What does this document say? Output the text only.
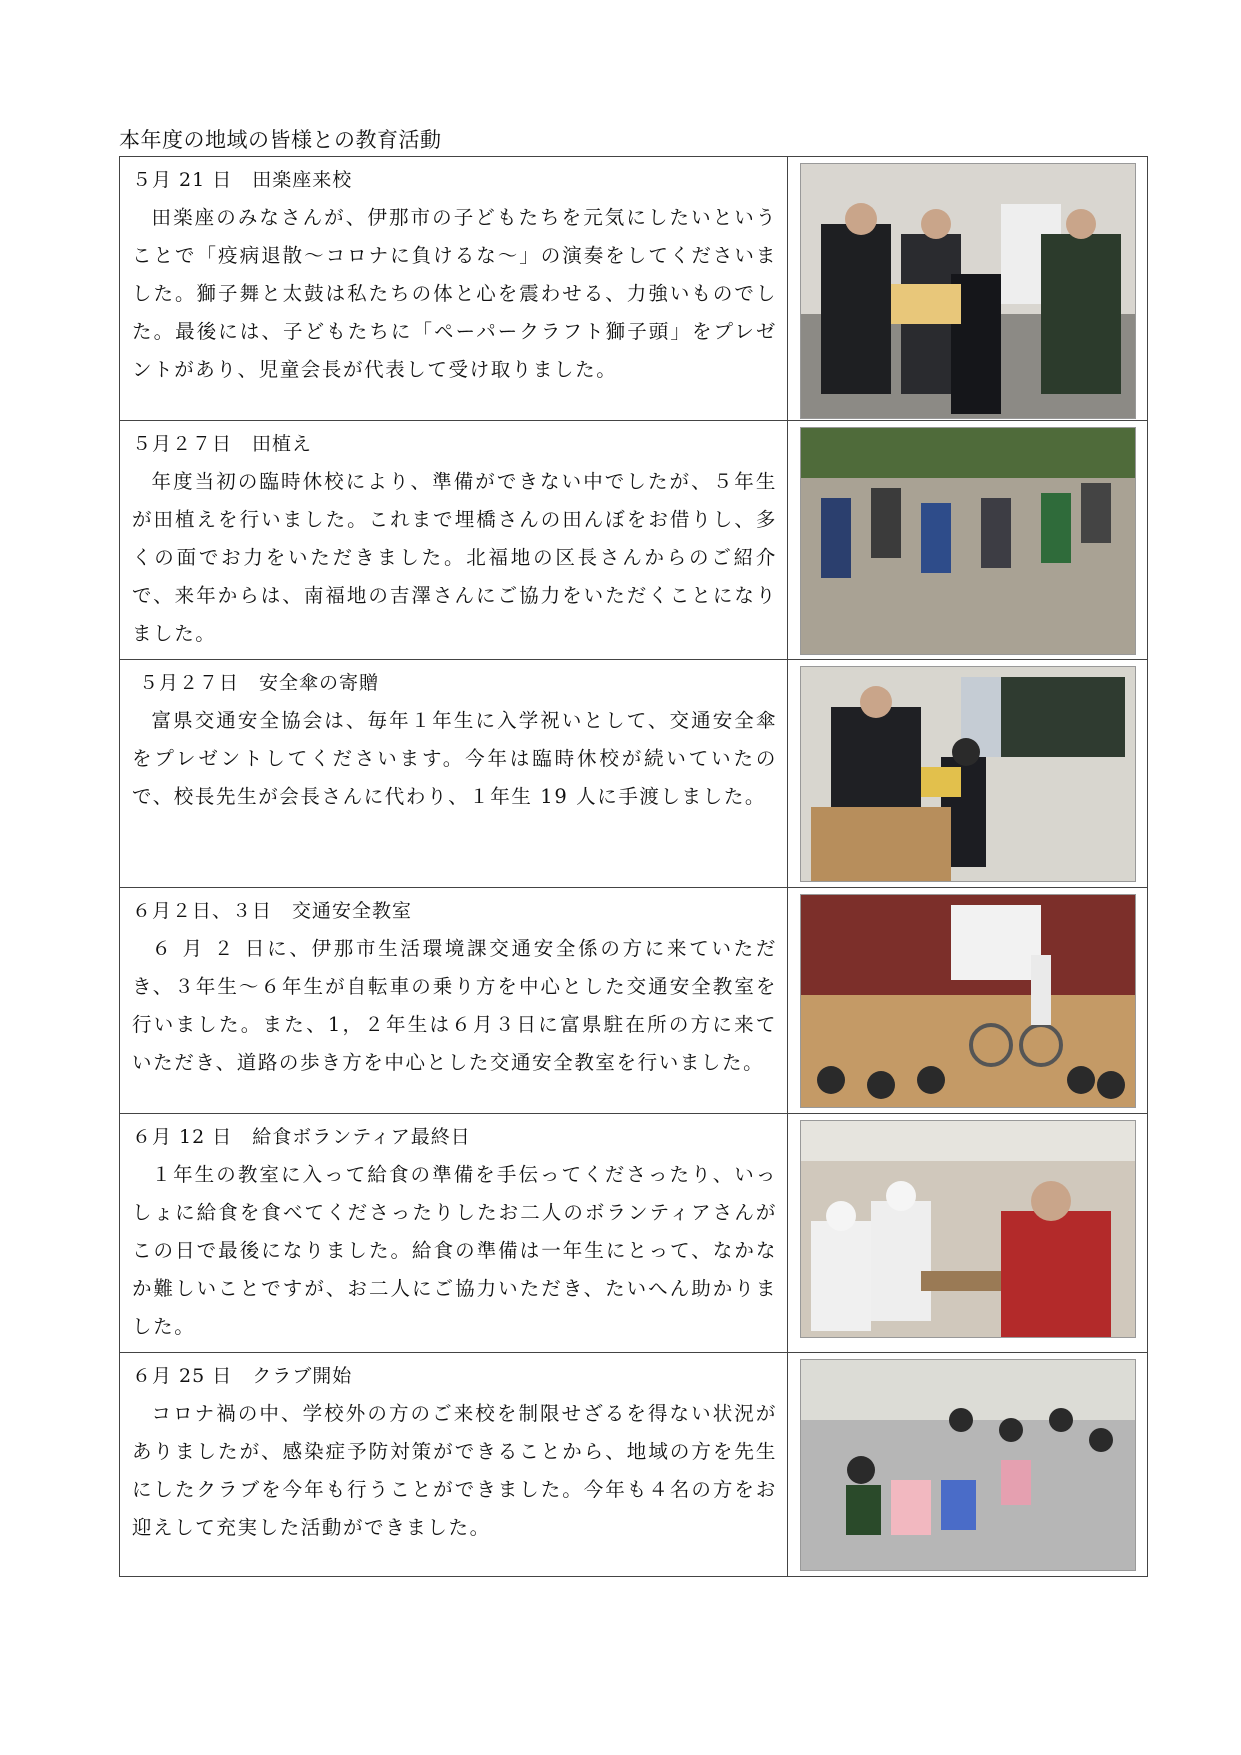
本年度の地域の皆様との教育活動
５月 21 日　田楽座来校
田楽座のみなさんが、伊那市の子どもたちを元気にしたいということで「疫病退散～コロナに負けるな～」の演奏をしてくださいました。獅子舞と太鼓は私たちの体と心を震わせる、力強いものでした。最後には、子どもたちに「ペーパークラフト獅子頭」をプレゼントがあり、児童会長が代表して受け取りました。

５月２７日　田植え
年度当初の臨時休校により、準備ができない中でしたが、５年生が田植えを行いました。これまで埋橋さんの田んぼをお借りし、多くの面でお力をいただきました。北福地の区長さんからのご紹介で、来年からは、南福地の吉澤さんにご協力をいただくことになりました。

５月２７日　安全傘の寄贈
富県交通安全協会は、毎年１年生に入学祝いとして、交通安全傘をプレゼントしてくださいます。今年は臨時休校が続いていたので、校長先生が会長さんに代わり、１年生 19 人に手渡しました。

６月２日、３日　交通安全教室
６ 月 ２ 日に、伊那市生活環境課交通安全係の方に来ていただき、３年生～６年生が自転車の乗り方を中心とした交通安全教室を行いました。また、1，２年生は６月３日に富県駐在所の方に来ていただき、道路の歩き方を中心とした交通安全教室を行いました。

６月 12 日　給食ボランティア最終日
１年生の教室に入って給食の準備を手伝ってくださったり、いっしょに給食を食べてくださったりしたお二人のボランティアさんがこの日で最後になりました。給食の準備は一年生にとって、なかなか難しいことですが、お二人にご協力いただき、たいへん助かりました。

６月 25 日　クラブ開始
コロナ禍の中、学校外の方のご来校を制限せざるを得ない状況がありましたが、感染症予防対策ができることから、地域の方を先生にしたクラブを今年も行うことができました。今年も４名の方をお迎えして充実した活動ができました。
